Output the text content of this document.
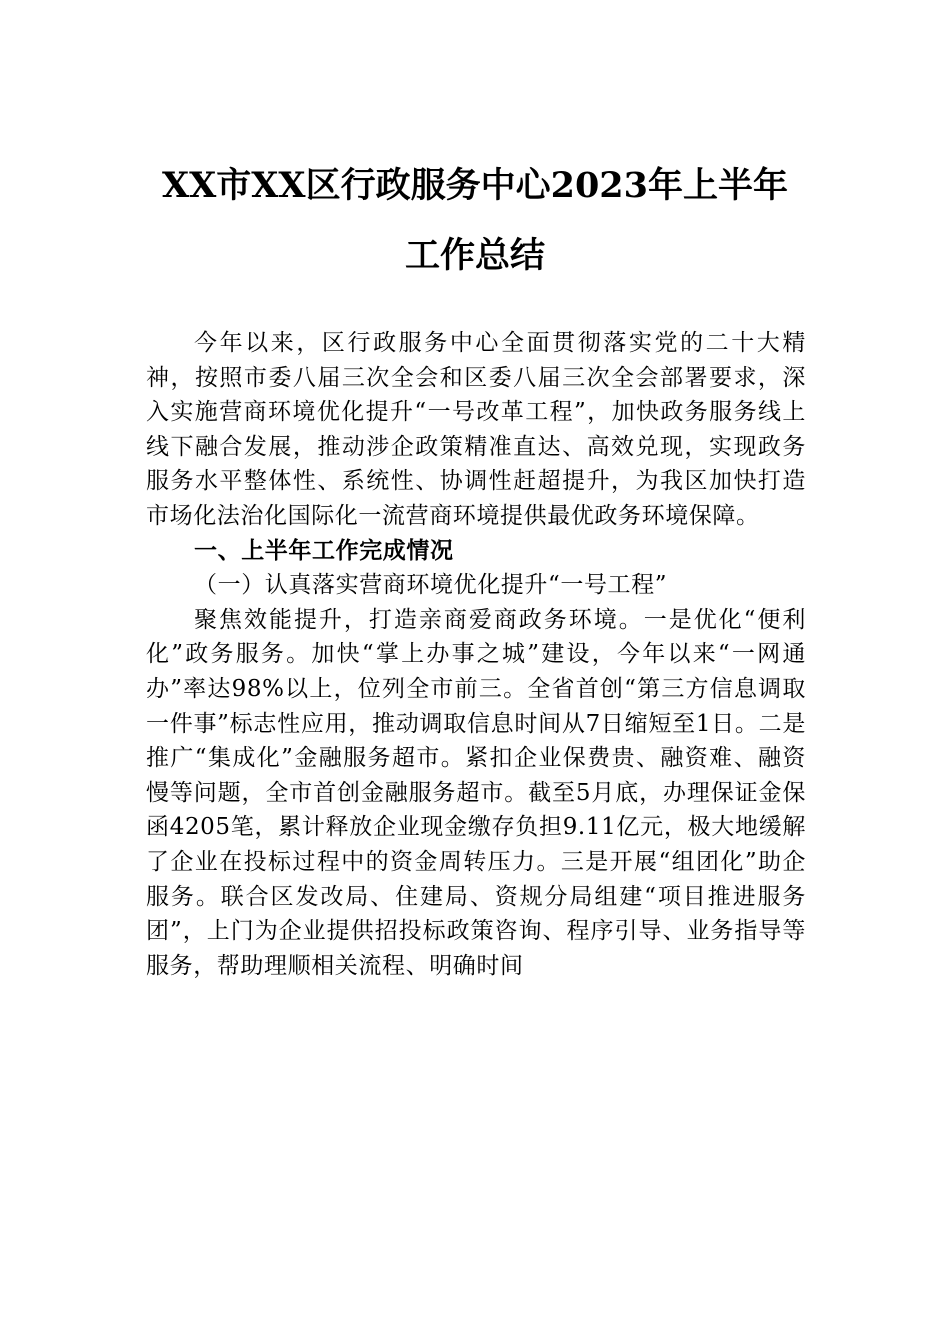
XX市XX区行政服务中心2023年上半年
工作总结

今年以来，区行政服务中心全面贯彻落实党的二十大精神，按照市委八届三次全会和区委八届三次全会部署要求，深入实施营商环境优化提升“一号改革工程”，加快政务服务线上线下融合发展，推动涉企政策精准直达、高效兑现，实现政务服务水平整体性、系统性、协调性赶超提升，为我区加快打造市场化法治化国际化一流营商环境提供最优政务环境保障。

一、上半年工作完成情况
（一）认真落实营商环境优化提升“一号工程”

聚焦效能提升，打造亲商爱商政务环境。一是优化“便利化”政务服务。加快“掌上办事之城”建设，今年以来“一网通办”率达98%以上，位列全市前三。全省首创“第三方信息调取一件事”标志性应用，推动调取信息时间从7日缩短至1日。二是推广“集成化”金融服务超市。紧扣企业保费贵、融资难、融资慢等问题，全市首创金融服务超市。截至5月底，办理保证金保函4205笔，累计释放企业现金缴存负担9.11亿元，极大地缓解了企业在投标过程中的资金周转压力。三是开展“组团化”助企服务。联合区发改局、住建局、资规分局组建“项目推进服务团”，上门为企业提供招投标政策咨询、程序引导、业务指导等服务，帮助理顺相关流程、明确时间
